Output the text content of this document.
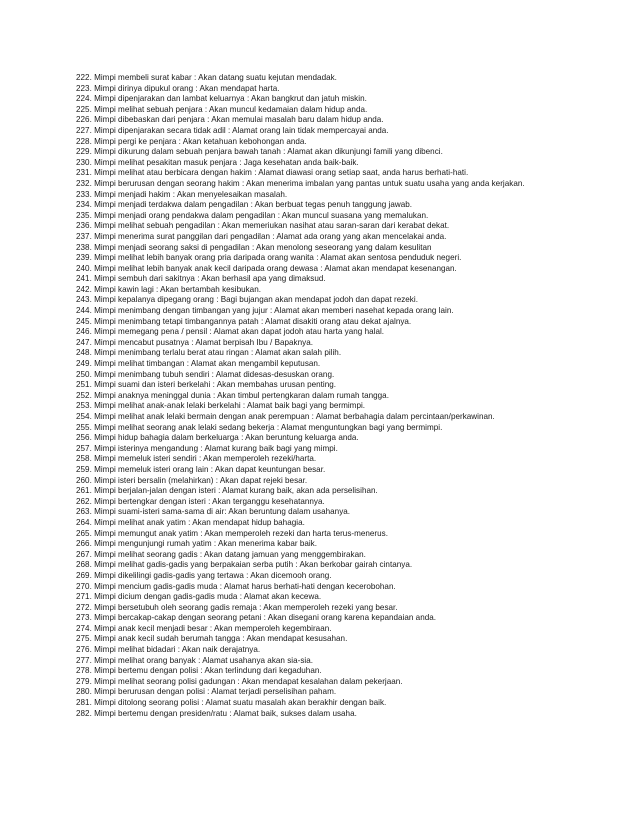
222. Mimpi membeli surat kabar : Akan datang suatu kejutan mendadak.

223. Mimpi dirinya dipukul orang : Akan mendapat harta.

224. Mimpi dipenjarakan dan lambat keluarnya : Akan bangkrut dan jatuh miskin.

225. Mimpi melihat sebuah penjara : Akan muncul kedamaian dalam hidup anda.

226. Mimpi dibebaskan dari penjara : Akan memulai masalah baru dalam hidup anda.

227. Mimpi dipenjarakan secara tidak adil : Alamat orang lain tidak mempercayai anda.

228. Mimpi pergi ke penjara : Akan ketahuan kebohongan anda.

229. Mimpi dikurung dalam sebuah penjara bawah tanah : Alamat akan dikunjungi famili yang dibenci.

230. Mimpi melihat pesakitan masuk penjara : Jaga kesehatan anda baik-baik.

231. Mimpi melihat atau berbicara dengan hakim : Alamat diawasi orang setiap saat, anda harus berhati-hati.

232. Mimpi berurusan dengan seorang hakim : Akan menerima imbalan yang pantas untuk suatu usaha yang anda kerjakan.

233. Mimpi menjadi hakim : Akan menyelesaikan masalah.

234. Mimpi menjadi terdakwa dalam pengadilan : Akan berbuat tegas penuh tanggung jawab.

235. Mimpi menjadi orang pendakwa dalam pengadilan : Akan muncul suasana yang memalukan.

236. Mimpi melihat sebuah pengadilan : Akan memeriukan nasihat atau saran-saran dari kerabat dekat.

237. Mimpi menerima surat panggilan dari pengadilan : Alamat ada orang yang akan mencelakai anda.

238. Mimpi menjadi seorang saksi di pengadilan : Akan menolong seseorang yang dalam kesulitan

239. Mimpi melihat lebih banyak orang pria daripada orang wanita : Alamat akan sentosa penduduk negeri.

240. Mimpi melihat lebih banyak anak kecil daripada orang dewasa : Alamat akan mendapat kesenangan.

241. Mimpi sembuh dari sakitnya : Akan berhasil apa yang dimaksud.

242. Mimpi kawin lagi : Akan bertambah kesibukan.

243. Mimpi kepalanya dipegang orang : Bagi bujangan akan mendapat jodoh dan dapat rezeki.

244. Mimpi menimbang dengan timbangan yang jujur : Alamat akan memberi nasehat kepada orang lain.

245. Mimpi menimbang tetapi timbangannya patah : Alamat disakiti orang atau dekat ajalnya.

246. Mimpi memegang pena / pensil : Alamat akan dapat jodoh atau harta yang halal.

247. Mimpi mencabut pusatnya : Alamat berpisah Ibu / Bapaknya.

248. Mimpi menimbang terlalu berat atau ringan : Alamat akan salah pilih.

249. Mimpi melihat timbangan : Alamat akan mengambil keputusan.

250. Mimpi menimbang tubuh sendiri : Alamat didesas-desuskan orang.

251. Mimpi suami dan isteri berkelahi : Akan membahas urusan penting.

252. Mimpi anaknya meninggal dunia : Akan timbul pertengkaran dalam rumah tangga.

253. Mimpi melihat anak-anak lelaki berkelahi : Alamat baik bagi yang bermimpi.

254. Mimpi melihat anak lelaki bermain dengan anak perempuan : Alamat berbahagia dalam percintaan/perkawinan.

255. Mimpi melihat seorang anak lelaki sedang bekerja : Alamat menguntungkan bagi yang bermimpi.

256. Mimpi hidup bahagia dalam berkeluarga : Akan beruntung keluarga anda.

257. Mimpi isterinya mengandung : Alamat kurang baik bagi yang mimpi.

258. Mimpi memeluk isteri sendiri : Akan memperoleh rezeki/harta.

259. Mimpi memeluk isteri orang lain : Akan dapat keuntungan besar.

260. Mimpi isteri bersalin (melahirkan) : Akan dapat rejeki besar.

261. Mimpi berjalan-jalan dengan isteri : Alamat kurang baik, akan ada perselisihan.

262. Mimpi bertengkar dengan isteri : Akan terganggu kesehatannya.

263. Mimpi suami-isteri sama-sama di air: Akan beruntung dalam usahanya.

264. Mimpi melihat anak yatim : Akan mendapat hidup bahagia.

265. Mimpi memungut anak yatim : Akan memperoleh rezeki dan harta terus-menerus.

266. Mimpi mengunjungi rumah yatim : Akan menerima kabar baik.

267. Mimpi melihat seorang gadis : Akan datang jamuan yang menggembirakan.

268. Mimpi melihat gadis-gadis yang berpakaian serba putih : Akan berkobar gairah cintanya.

269. Mimpi dikelilingi gadis-gadis yang tertawa : Akan dicemooh orang.

270. Mimpi mencium gadis-gadis muda : Alamat harus berhati-hati dengan kecerobohan.

271. Mimpi dicium dengan gadis-gadis muda : Alamat akan kecewa.

272. Mimpi bersetubuh oleh seorang gadis remaja : Akan memperoleh rezeki yang besar.

273. Mimpi bercakap-cakap dengan seorang petani : Akan disegani orang karena kepandaian anda.

274. Mimpi anak kecil menjadi besar : Akan memperoleh kegembiraan.

275. Mimpi anak kecil sudah berumah tangga : Akan mendapat kesusahan.

276. Mimpi melihat bidadari : Akan naik derajatnya.

277. Mimpi melihat orang banyak : Alamat usahanya akan sia-sia.

278. Mimpi bertemu dengan polisi : Akan terlindung dari kegaduhan.

279. Mimpi melihat seorang polisi gadungan : Akan mendapat kesalahan dalam pekerjaan.

280. Mimpi berurusan dengan polisi : Alamat terjadi perselisihan paham.

281. Mimpi ditolong seorang polisi : Alamat suatu masalah akan berakhir dengan baik.

282. Mimpi bertemu dengan presiden/ratu : Alamat baik, sukses dalam usaha.
